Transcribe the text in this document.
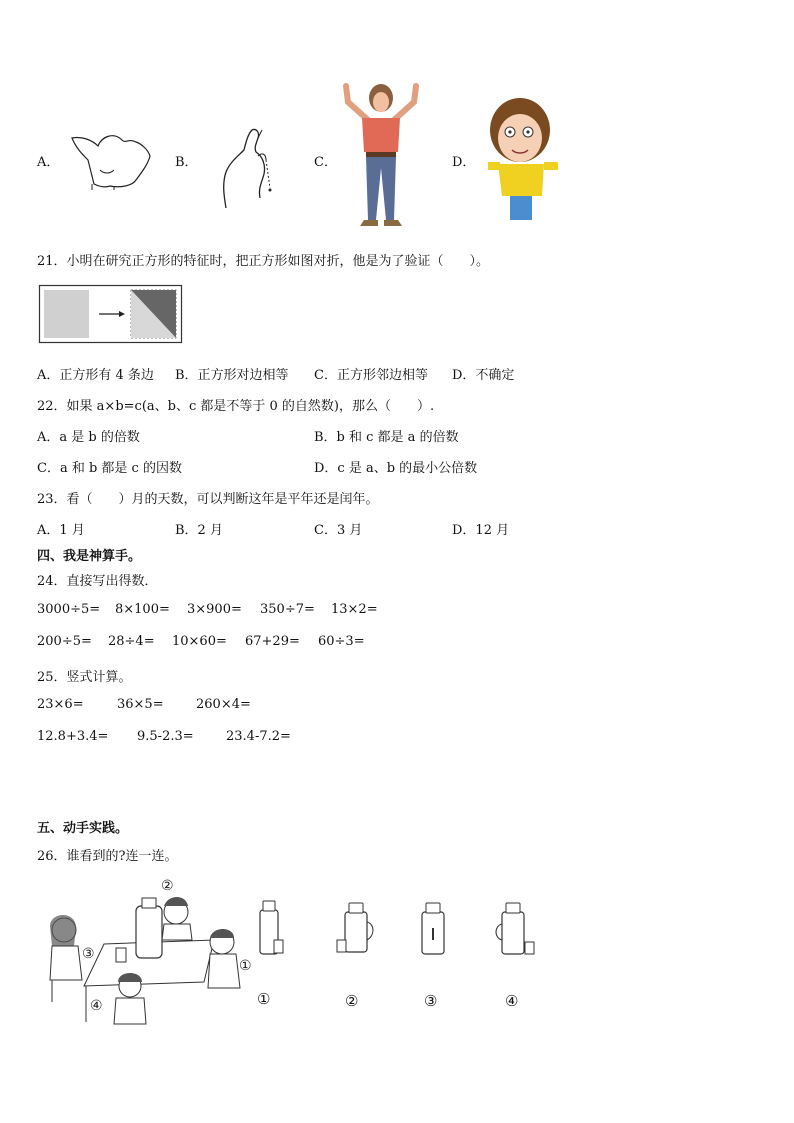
A．	B．	C．	D．
21．小明在研究正方形的特征时，把正方形如图对折，他是为了验证（　　）。
A．正方形有 4 条边 B．正方形对边相等 C．正方形邻边相等 D．不确定
22．如果 a×b=c(a、b、c 都是不等于 0 的自然数)，那么（　　）.
A．a 是 b 的倍数	B．b 和 c 都是 a 的倍数
C．a 和 b 都是 c 的因数	D．c 是 a、b 的最小公倍数
23．看（　　）月的天数，可以判断这年是平年还是闰年。
A．1 月	B．2 月	C．3 月	D．12 月
四、我是神算手。
24．直接写出得数．
3000÷5= 8×100= 3×900= 350÷7= 13×2=
200÷5= 28÷4= 10×60= 67+29= 60÷3=
25．竖式计算。
23×6=	36×5= 260×4=
12.8+3.4= 9.5-2.3= 23.4-7.2=
五、动手实践。
26．谁看到的?连一连。
②
③
①
④	①	②	③	④
